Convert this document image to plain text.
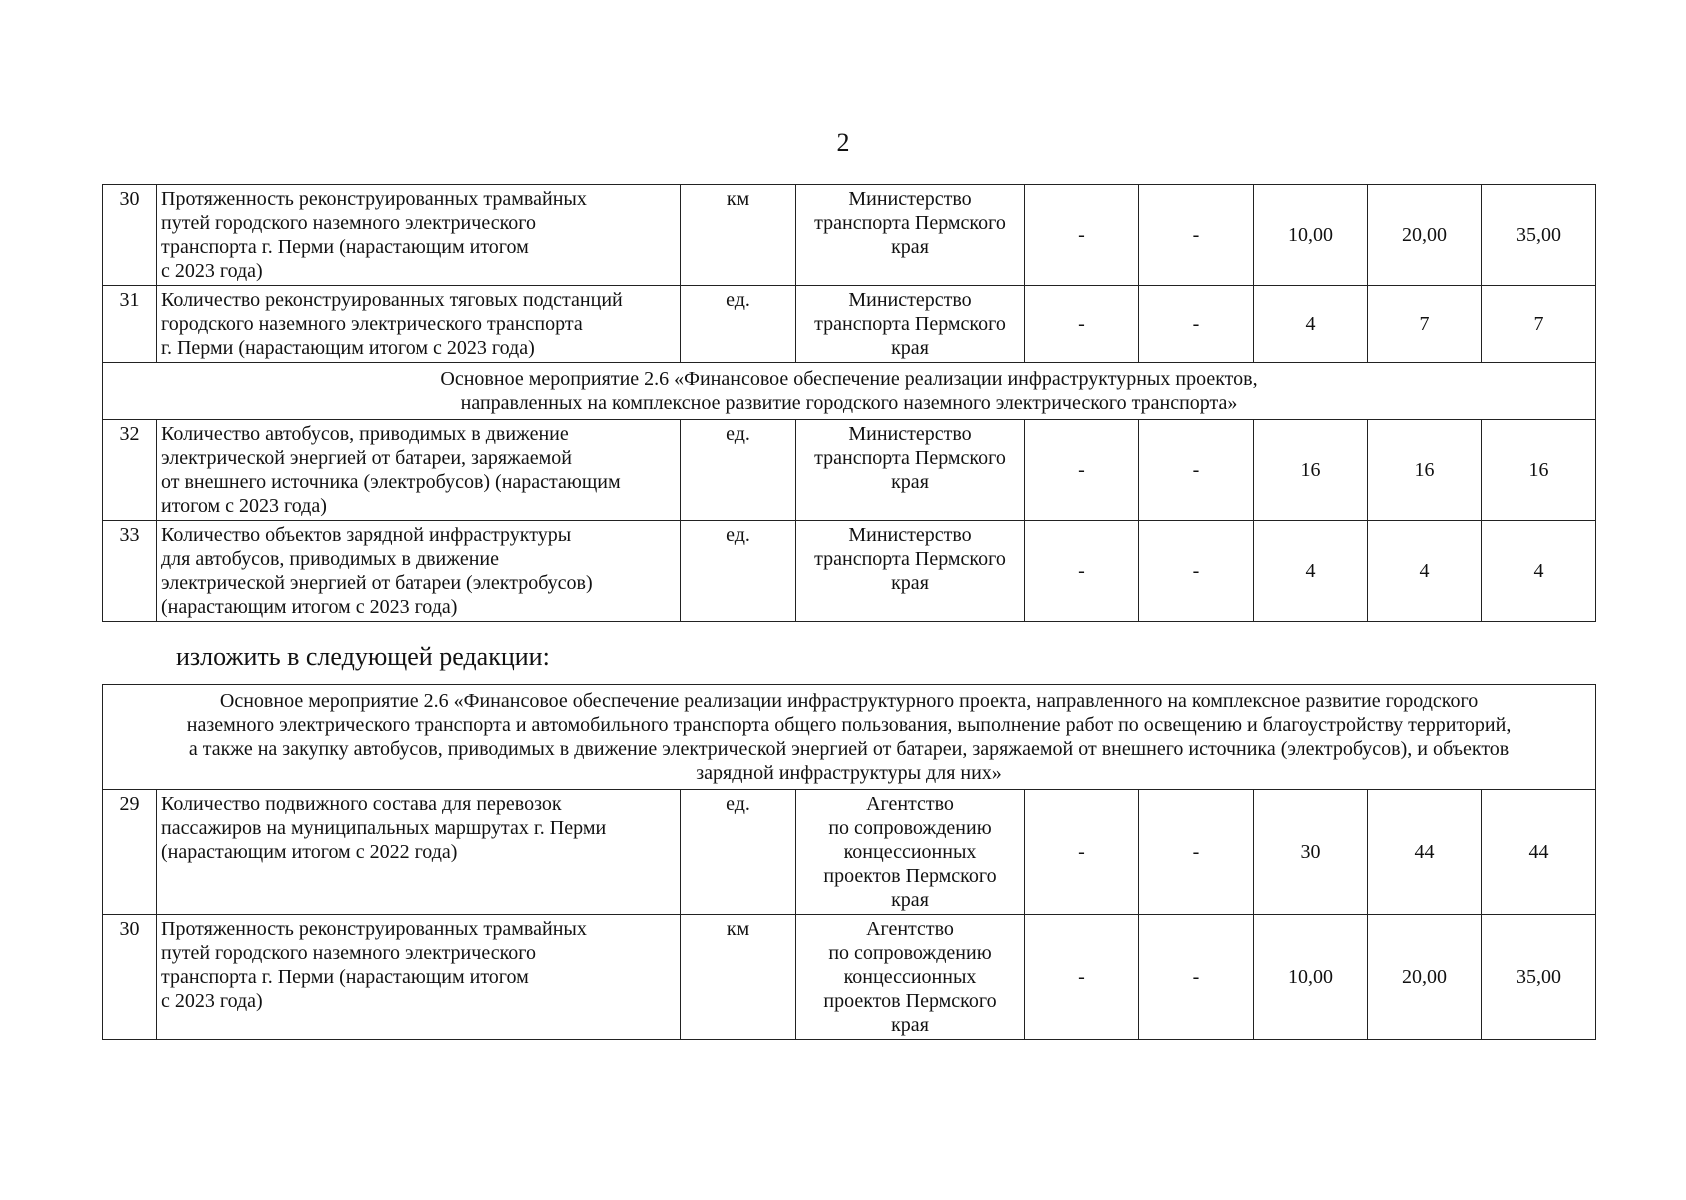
2
30	Протяженность реконструированных трамвайных
путей городского наземного электрического
транспорта г. Перми (нарастающим итогом
с 2023 года)	км	Министерство
транспорта Пермского
края	-	-	10,00	20,00	35,00
31	Количество реконструированных тяговых подстанций
городского наземного электрического транспорта
г. Перми (нарастающим итогом с 2023 года)	ед.	Министерство
транспорта Пермского
края	-	-	4	7	7

Основное мероприятие 2.6 «Финансовое обеспечение реализации инфраструктурных проектов,
направленных на комплексное развитие городского наземного электрического транспорта»								

32	Количество автобусов, приводимых в движение
электрической энергией от батареи, заряжаемой
от внешнего источника (электробусов) (нарастающим
итогом с 2023 года)	ед.	Министерство
транспорта Пермского
края	-	-	16	16	16
33	Количество объектов зарядной инфраструктуры
для автобусов, приводимых в движение
электрической энергией от батареи (электробусов)
(нарастающим итогом с 2023 года)	ед.	Министерство
транспорта Пермского
края	-	-	4	4	4
изложить в следующей редакции:
Основное мероприятие 2.6 «Финансовое обеспечение реализации инфраструктурного проекта, направленного на комплексное развитие городского
наземного электрического транспорта и автомобильного транспорта общего пользования, выполнение работ по освещению и благоустройству территорий,
а также на закупку автобусов, приводимых в движение электрической энергией от батареи, заряжаемой от внешнего источника (электробусов), и объектов
зарядной инфраструктуры для них»								

29	Количество подвижного состава для перевозок
пассажиров на муниципальных маршрутах г. Перми
(нарастающим итогом с 2022 года)	ед.	Агентство
по сопровождению
концессионных
проектов Пермского
края	-	-	30	44	44
30	Протяженность реконструированных трамвайных
путей городского наземного электрического
транспорта г. Перми (нарастающим итогом
с 2023 года)	км	Агентство
по сопровождению
концессионных
проектов Пермского
края	-	-	10,00	20,00	35,00
